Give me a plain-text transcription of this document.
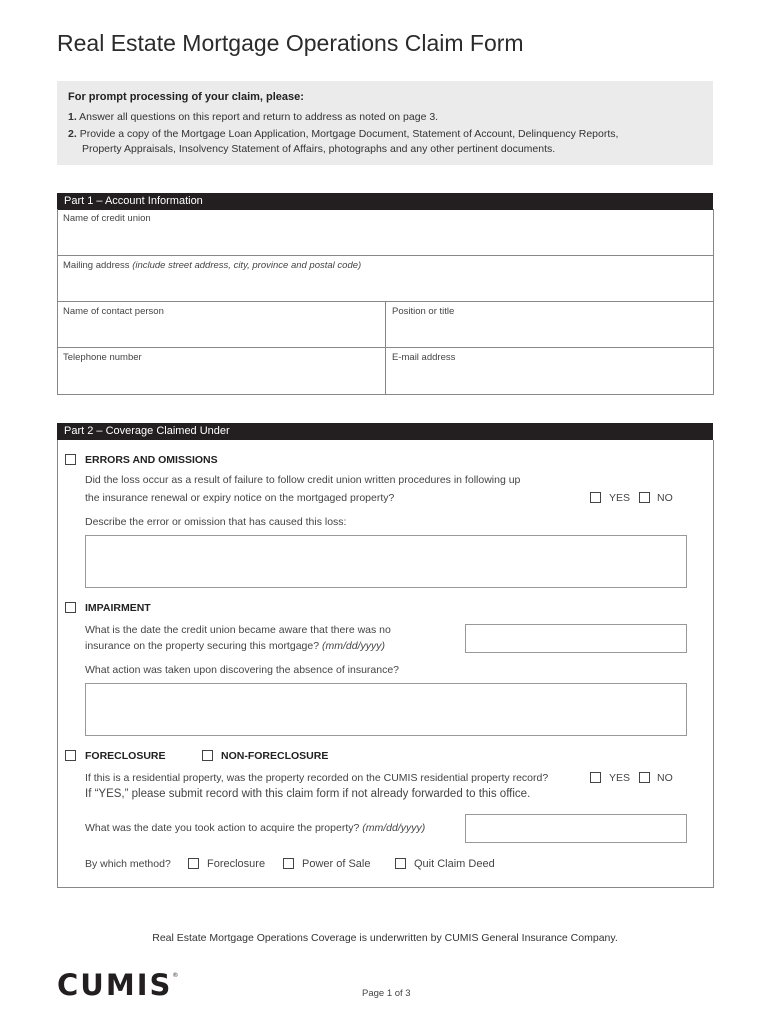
Real Estate Mortgage Operations Claim Form
For prompt processing of your claim, please:
1. Answer all questions on this report and return to address as noted on page 3.
2. Provide a copy of the Mortgage Loan Application, Mortgage Document, Statement of Account, Delinquency Reports,
Property Appraisals, Insolvency Statement of Affairs, photographs and any other pertinent documents.
Part 1 – Account Information
Name of credit union
Mailing address (include street address, city, province and postal code)
Name of contact person	Position or title
Telephone number	E-mail address
Part 2 – Coverage Claimed Under
ERRORS AND OMISSIONS
Did the loss occur as a result of failure to follow credit union written procedures in following up
the insurance renewal or expiry notice on the mortgaged property?	YES	NO
Describe the error or omission that has caused this loss:
IMPAIRMENT
What is the date the credit union became aware that there was no
insurance on the property securing this mortgage? (mm/dd/yyyy)
What action was taken upon discovering the absence of insurance?
FORECLOSURE	NON-FORECLOSURE
If this is a residential property, was the property recorded on the CUMIS residential property record?	YES	NO
If “YES,” please submit record with this claim form if not already forwarded to this office.
What was the date you took action to acquire the property? (mm/dd/yyyy)
By which method?	Foreclosure	Power of Sale	Quit Claim Deed
Real Estate Mortgage Operations Coverage is underwritten by CUMIS General Insurance Company.
CUMIS®
Page 1 of 3
